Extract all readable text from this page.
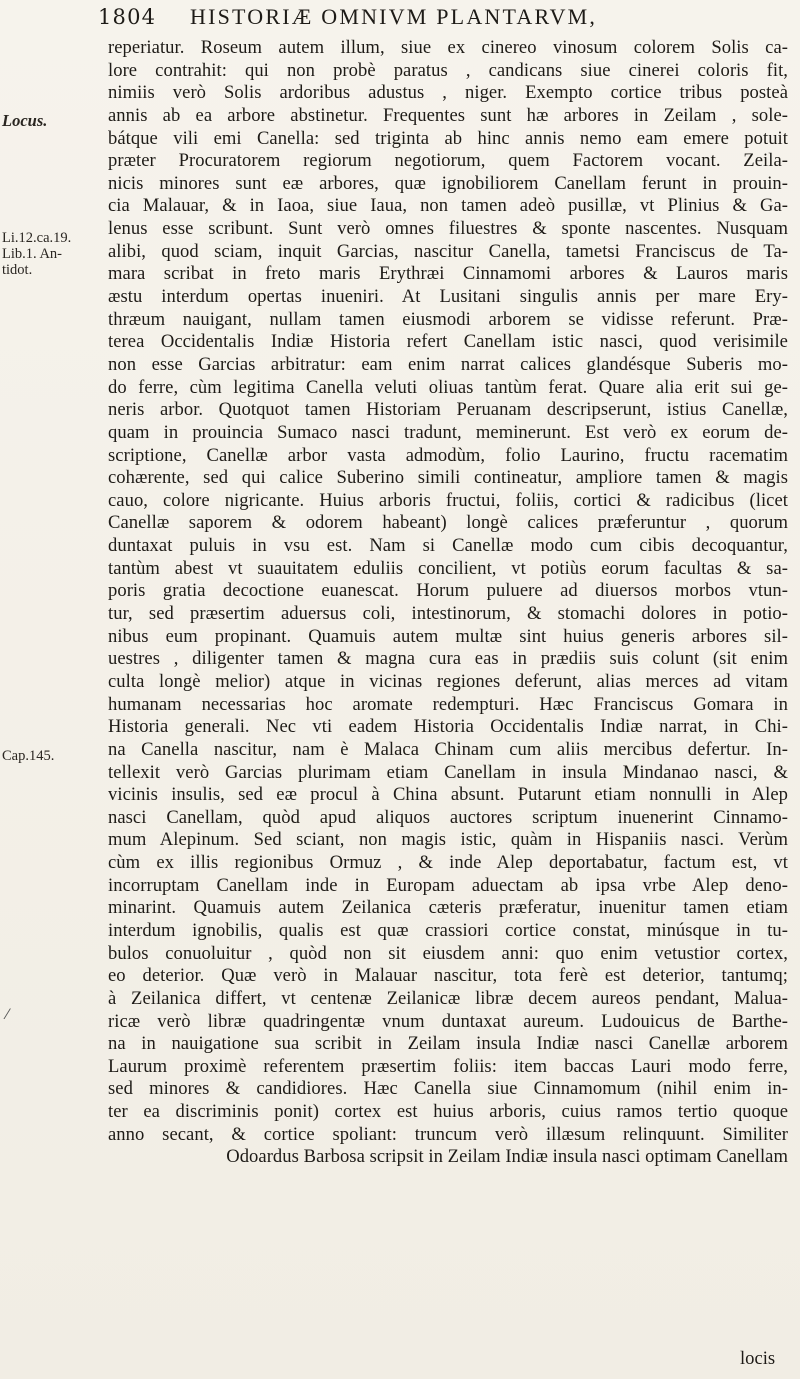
1804 HISTORIÆ OMNIVM PLANTARVM,
Locus.
Li.12.ca.19.
Lib.1. An-
tidot.
Cap.145.
⁄
reperiatur. Roseum autem illum, siue ex cinereo vinosum colorem Solis ca-
lore contrahit: qui non probè paratus , candicans siue cinerei coloris fit,
nimiis verò Solis ardoribus adustus , niger. Exempto cortice tribus posteà
annis ab ea arbore abstinetur. Frequentes sunt hæ arbores in Zeilam , sole-
bátque vili emi Canella: sed triginta ab hinc annis nemo eam emere potuit
præter Procuratorem regiorum negotiorum, quem Factorem vocant. Zeila-
nicis minores sunt eæ arbores, quæ ignobiliorem Canellam ferunt in prouin-
cia Malauar, & in Iaoa, siue Iaua, non tamen adeò pusillæ, vt Plinius & Ga-
lenus esse scribunt. Sunt verò omnes filuestres & sponte nascentes. Nusquam
alibi, quod sciam, inquit Garcias, nascitur Canella, tametsi Franciscus de Ta-
mara scribat in freto maris Erythræi Cinnamomi arbores & Lauros maris
æstu interdum opertas inueniri. At Lusitani singulis annis per mare Ery-
thræum nauigant, nullam tamen eiusmodi arborem se vidisse referunt. Præ-
terea Occidentalis Indiæ Historia refert Canellam istic nasci, quod verisimile
non esse Garcias arbitratur: eam enim narrat calices glandésque Suberis mo-
do ferre, cùm legitima Canella veluti oliuas tantùm ferat. Quare alia erit sui ge-
neris arbor. Quotquot tamen Historiam Peruanam descripserunt, istius Canellæ,
quam in prouincia Sumaco nasci tradunt, meminerunt. Est verò ex eorum de-
scriptione, Canellæ arbor vasta admodùm, folio Laurino, fructu racematim
cohærente, sed qui calice Suberino simili contineatur, ampliore tamen & magis
cauo, colore nigricante. Huius arboris fructui, foliis, cortici & radicibus (licet
Canellæ saporem & odorem habeant) longè calices præferuntur , quorum
duntaxat puluis in vsu est. Nam si Canellæ modo cum cibis decoquantur,
tantùm abest vt suauitatem eduliis concilient, vt potiùs eorum facultas & sa-
poris gratia decoctione euanescat. Horum puluere ad diuersos morbos vtun-
tur, sed præsertim aduersus coli, intestinorum, & stomachi dolores in potio-
nibus eum propinant. Quamuis autem multæ sint huius generis arbores sil-
uestres , diligenter tamen & magna cura eas in prædiis suis colunt (sit enim
culta longè melior) atque in vicinas regiones deferunt, alias merces ad vitam
humanam necessarias hoc aromate redempturi. Hæc Franciscus Gomara in
Historia generali. Nec vti eadem Historia Occidentalis Indiæ narrat, in Chi-
na Canella nascitur, nam è Malaca Chinam cum aliis mercibus defertur. In-
tellexit verò Garcias plurimam etiam Canellam in insula Mindanao nasci, &
vicinis insulis, sed eæ procul à China absunt. Putarunt etiam nonnulli in Alep
nasci Canellam, quòd apud aliquos auctores scriptum inuenerint Cinnamo-
mum Alepinum. Sed sciant, non magis istic, quàm in Hispaniis nasci. Verùm
cùm ex illis regionibus Ormuz , & inde Alep deportabatur, factum est, vt
incorruptam Canellam inde in Europam aduectam ab ipsa vrbe Alep deno-
minarint. Quamuis autem Zeilanica cæteris præferatur, inuenitur tamen etiam
interdum ignobilis, qualis est quæ crassiori cortice constat, minúsque in tu-
bulos conuoluitur , quòd non sit eiusdem anni: quo enim vetustior cortex,
eo deterior. Quæ verò in Malauar nascitur, tota ferè est deterior, tantumq;
à Zeilanica differt, vt centenæ Zeilanicæ libræ decem aureos pendant, Malua-
ricæ verò libræ quadringentæ vnum duntaxat aureum. Ludouicus de Barthe-
na in nauigatione sua scribit in Zeilam insula Indiæ nasci Canellæ arborem
Laurum proximè referentem præsertim foliis: item baccas Lauri modo ferre,
sed minores & candidiores. Hæc Canella siue Cinnamomum (nihil enim in-
ter ea discriminis ponit) cortex est huius arboris, cuius ramos tertio quoque
anno secant, & cortice spoliant: truncum verò illæsum relinquunt. Similiter
Odoardus Barbosa scripsit in Zeilam Indiæ insula nasci optimam Canellam
locis
